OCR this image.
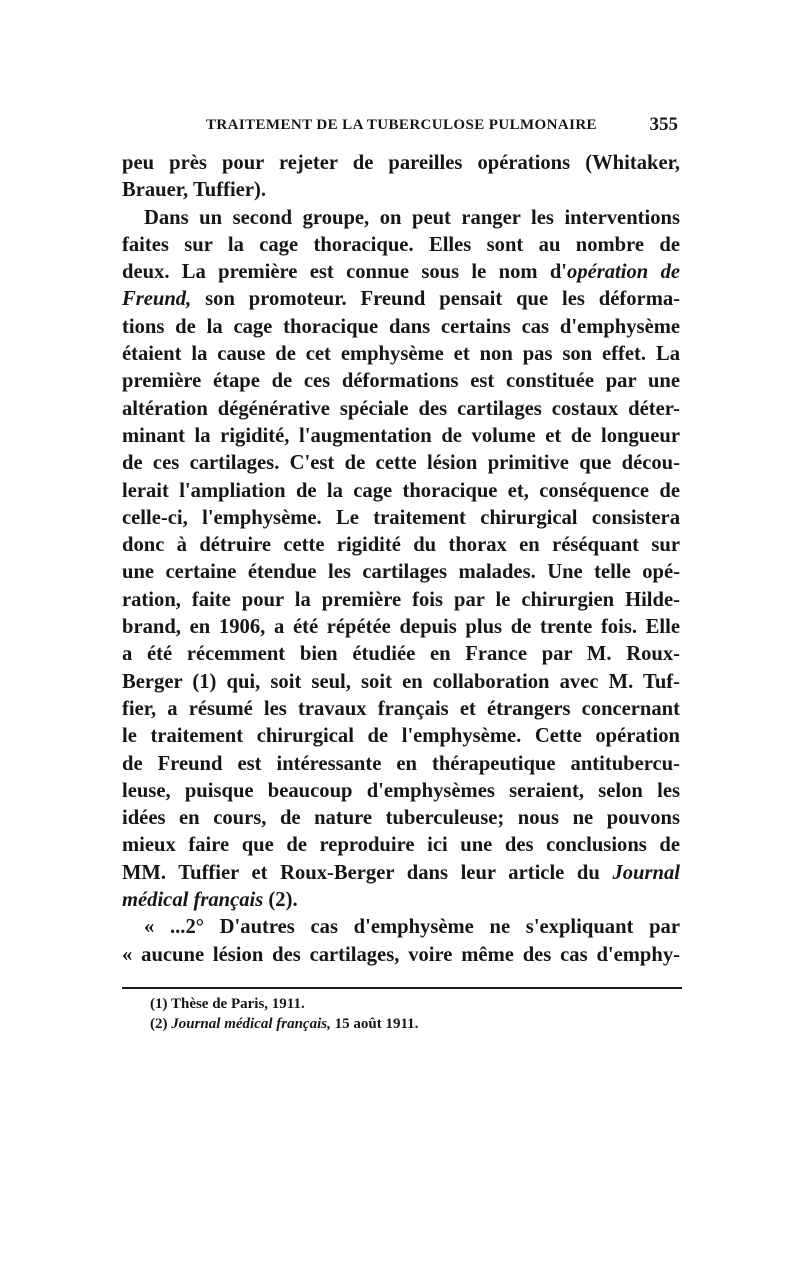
TRAITEMENT DE LA TUBERCULOSE PULMONAIRE	355
peu près pour rejeter de pareilles opérations (Whitaker,
Brauer, Tuffier).
Dans un second groupe, on peut ranger les interventions
faites sur la cage thoracique. Elles sont au nombre de
deux. La première est connue sous le nom d'opération de
Freund, son promoteur. Freund pensait que les déforma-
tions de la cage thoracique dans certains cas d'emphysème
étaient la cause de cet emphysème et non pas son effet. La
première étape de ces déformations est constituée par une
altération dégénérative spéciale des cartilages costaux déter-
minant la rigidité, l'augmentation de volume et de longueur
de ces cartilages. C'est de cette lésion primitive que décou-
lerait l'ampliation de la cage thoracique et, conséquence de
celle-ci, l'emphysème. Le traitement chirurgical consistera
donc à détruire cette rigidité du thorax en réséquant sur
une certaine étendue les cartilages malades. Une telle opé-
ration, faite pour la première fois par le chirurgien Hilde-
brand, en 1906, a été répétée depuis plus de trente fois. Elle
a été récemment bien étudiée en France par M. Roux-
Berger (1) qui, soit seul, soit en collaboration avec M. Tuf-
fier, a résumé les travaux français et étrangers concernant
le traitement chirurgical de l'emphysème. Cette opération
de Freund est intéressante en thérapeutique antitubercu-
leuse, puisque beaucoup d'emphysèmes seraient, selon les
idées en cours, de nature tuberculeuse; nous ne pouvons
mieux faire que de reproduire ici une des conclusions de
MM. Tuffier et Roux-Berger dans leur article du Journal
médical français (2).
« ...2° D'autres cas d'emphysème ne s'expliquant par
« aucune lésion des cartilages, voire même des cas d'emphy-
(1) Thèse de Paris, 1911.
(2) Journal médical français, 15 août 1911.
